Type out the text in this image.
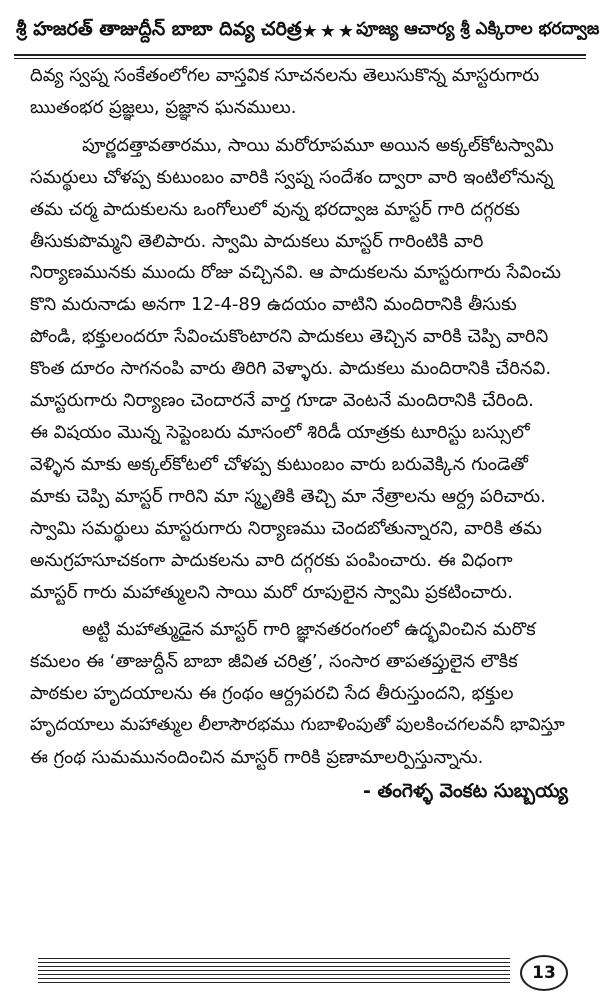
శ్రీ హజరత్ తాజుద్దీన్ బాబా దివ్య చరిత్ర ★★★ పూజ్య ఆచార్య శ్రీ ఎక్కిరాల భరద్వాజ

దివ్య స్వప్న సంకేతంలోగల వాస్తవిక సూచనలను తెలుసుకొన్న మాస్టరుగారు
ఋతంభర ప్రజ్ఞలు, ప్రజ్ఞాన ఘనములు.

పూర్ణదత్తావతారము, సాయి మరోరూపమూ అయిన అక్కల్‌కోటస్వామి
సమర్థులు చోళప్ప కుటుంబం వారికి స్వప్న సందేశం ద్వారా వారి ఇంటిలోనున్న
తమ చర్మ పాదుకులను ఒంగోలులో వున్న భరద్వాజ మాస్టర్ గారి దగ్గరకు
తీసుకుపొమ్మని తెలిపారు. స్వామి పాదుకలు మాస్టర్ గారింటికి వారి
నిర్యాణమునకు ముందు రోజు వచ్చినవి. ఆ పాదుకలను మాస్టరుగారు సేవించు
కొని మరునాడు అనగా 12-4-89 ఉదయం వాటిని మందిరానికి తీసుకు
పోండి, భక్తులందరూ సేవించుకొంటారని పాదుకలు తెచ్చిన వారికి చెప్పి వారిని
కొంత దూరం సాగనంపి వారు తిరిగి వెళ్ళారు. పాదుకలు మందిరానికి చేరినవి.
మాస్టరుగారు నిర్యాణం చెందారనే వార్త గూడా వెంటనే మందిరానికి చేరింది.
ఈ విషయం మొన్న సెప్టెంబరు మాసంలో శిరిడీ యాత్రకు టూరిస్టు బస్సులో
వెళ్ళిన మాకు అక్కల్‌కోటలో చోళప్ప కుటుంబం వారు బరువెక్కిన గుండెతో
మాకు చెప్పి మాస్టర్ గారిని మా స్మృతికి తెచ్చి మా నేత్రాలను ఆర్ద్ర పరిచారు.
స్వామి సమర్థులు మాస్టరుగారు నిర్యాణము చెందబోతున్నారని, వారికి తమ
అనుగ్రహసూచకంగా పాదుకలను వారి దగ్గరకు పంపించారు. ఈ విధంగా
మాస్టర్ గారు మహాత్ములని సాయి మరో రూపులైన స్వామి ప్రకటించారు.

అట్టి మహాత్ముడైన మాస్టర్ గారి జ్ఞానతరంగంలో ఉద్భవించిన మరొక
కమలం ఈ ‘తాజుద్దీన్ బాబా జీవిత చరిత్ర’, సంసార తాపతప్తులైన లౌకిక
పాఠకుల హృదయాలను ఈ గ్రంథం ఆర్ద్రపరచి సేద తీరుస్తుందని, భక్తుల
హృదయాలు మహాత్ముల లీలాసౌరభము గుబాళింపుతో పులకించగలవనీ భావిస్తూ
ఈ గ్రంథ సుమమునందించిన మాస్టర్ గారికి ప్రణామాలర్పిస్తున్నాను.

- తంగెళ్ళ వెంకట సుబ్బయ్య

13
